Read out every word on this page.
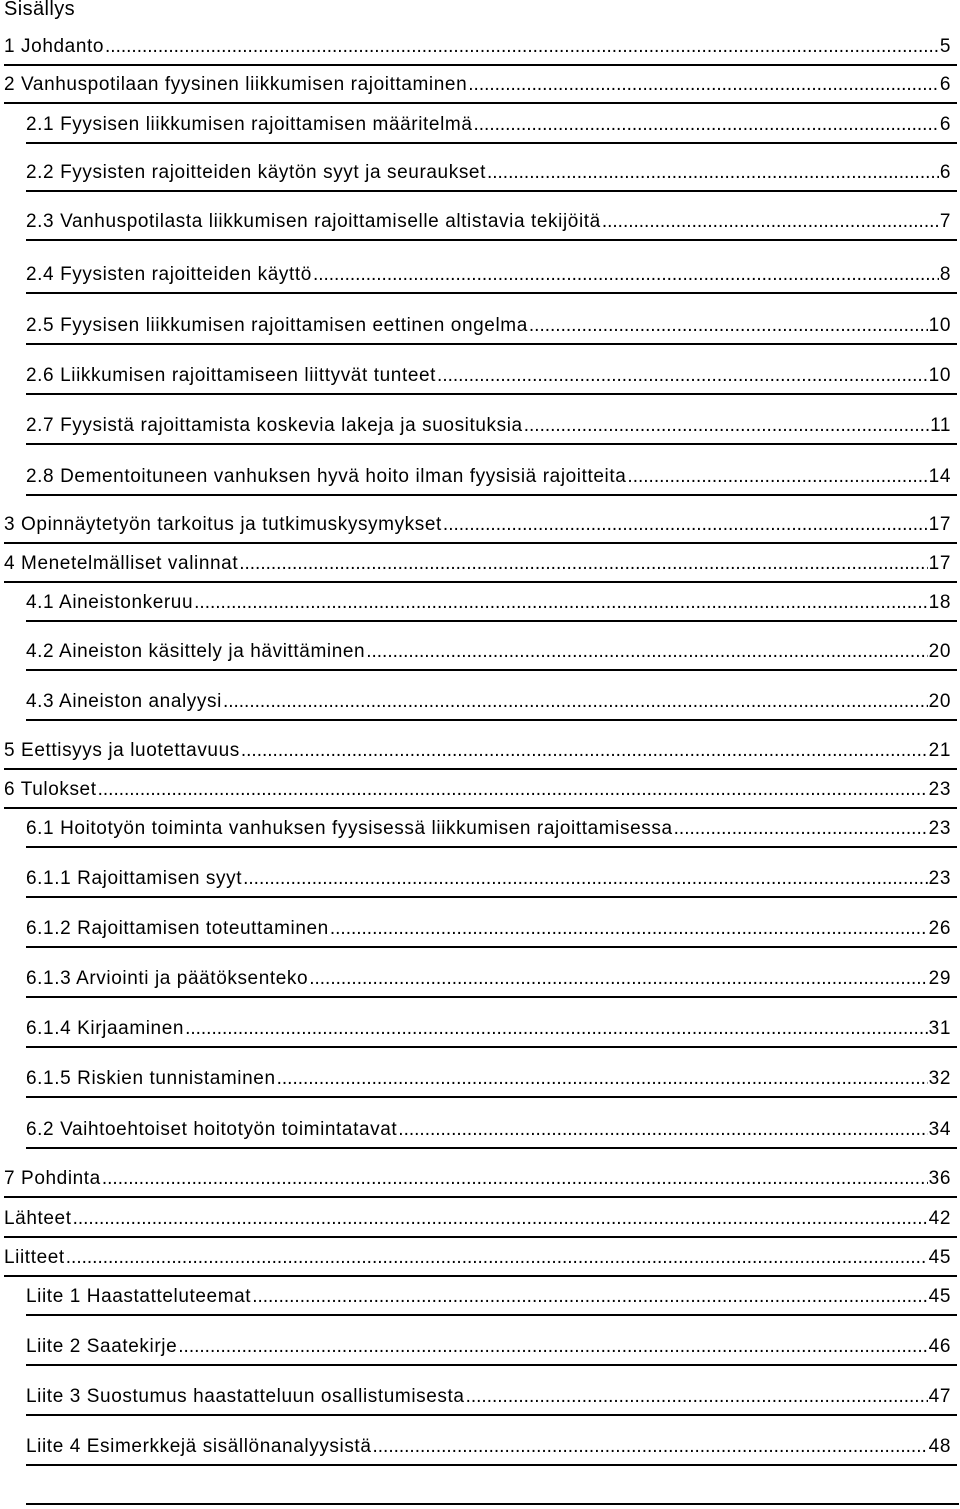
Sisällys
1 Johdanto .....	5
2 Vanhuspotilaan fyysinen liikkumisen rajoittaminen .....	6
2.1 Fyysisen liikkumisen rajoittamisen määritelmä .....	6
2.2 Fyysisten rajoitteiden käytön syyt ja seuraukset .....	6
2.3 Vanhuspotilasta liikkumisen rajoittamiselle altistavia tekijöitä .....	7
2.4 Fyysisten rajoitteiden käyttö .....	8
2.5 Fyysisen liikkumisen rajoittamisen eettinen ongelma .....	10
2.6 Liikkumisen rajoittamiseen liittyvät tunteet .....	10
2.7 Fyysistä rajoittamista koskevia lakeja ja suosituksia .....	11
2.8 Dementoituneen vanhuksen hyvä hoito ilman fyysisiä rajoitteita .....	14
3 Opinnäytetyön tarkoitus ja tutkimuskysymykset .....	17
4 Menetelmälliset valinnat .....	17
4.1 Aineistonkeruu .....	18
4.2 Aineiston käsittely ja hävittäminen .....	20
4.3 Aineiston analyysi .....	20
5 Eettisyys ja luotettavuus .....	21
6 Tulokset .....	23
6.1 Hoitotyön toiminta vanhuksen fyysisessä liikkumisen rajoittamisessa .....	23
6.1.1 Rajoittamisen syyt .....	23
6.1.2 Rajoittamisen toteuttaminen .....	26
6.1.3 Arviointi ja päätöksenteko .....	29
6.1.4 Kirjaaminen .....	31
6.1.5 Riskien tunnistaminen .....	32
6.2 Vaihtoehtoiset hoitotyön toimintatavat .....	34
7 Pohdinta .....	36
Lähteet .....	42
Liitteet .....	45
Liite 1 Haastatteluteemat .....	45
Liite 2 Saatekirje .....	46
Liite 3 Suostumus haastatteluun osallistumisesta .....	47
Liite 4 Esimerkkejä sisällönanalyysistä .....	48
